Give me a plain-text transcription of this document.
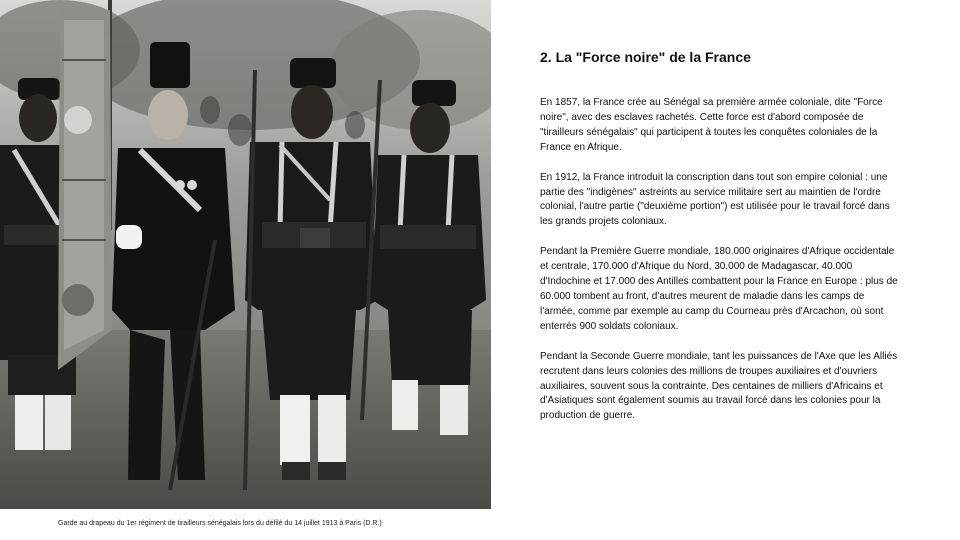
Garde au drapeau du 1er régiment de tirailleurs sénégalais lors du défilé du 14 juillet 1913 à Paris (D.R.)
2. La "Force noire" de la France

En 1857, la France crée au Sénégal sa première armée coloniale, dite "Force noire", avec des esclaves rachetés. Cette force est d'abord composée de "tirailleurs sénégalais" qui participent à toutes les conquêtes coloniales de la France en Afrique.

En 1912, la France introduit la conscription dans tout son empire colonial : une partie des "indigènes" astreints au service militaire sert au maintien de l'ordre colonial, l'autre partie ("deuxième portion") est utilisée pour le travail forcé dans les grands projets coloniaux.

Pendant la Première Guerre mondiale, 180.000 originaires d'Afrique occidentale et centrale, 170.000 d'Afrique du Nord, 30.000 de Madagascar, 40.000 d'Indochine et 17.000 des Antilles combattent pour la France en Europe : plus de 60.000 tombent au front, d'autres meurent de maladie dans les camps de l'armée, comme par exemple au camp du Courneau près d'Arcachon, où sont enterrés 900 soldats coloniaux.

Pendant la Seconde Guerre mondiale, tant les puissances de l'Axe que les Alliés recrutent dans leurs colonies des millions de troupes auxiliaires et d'ouvriers auxiliaires, souvent sous la contrainte. Des centaines de milliers d'Africains et d'Asiatiques sont également soumis au travail forcé dans les colonies pour la production de guerre.
